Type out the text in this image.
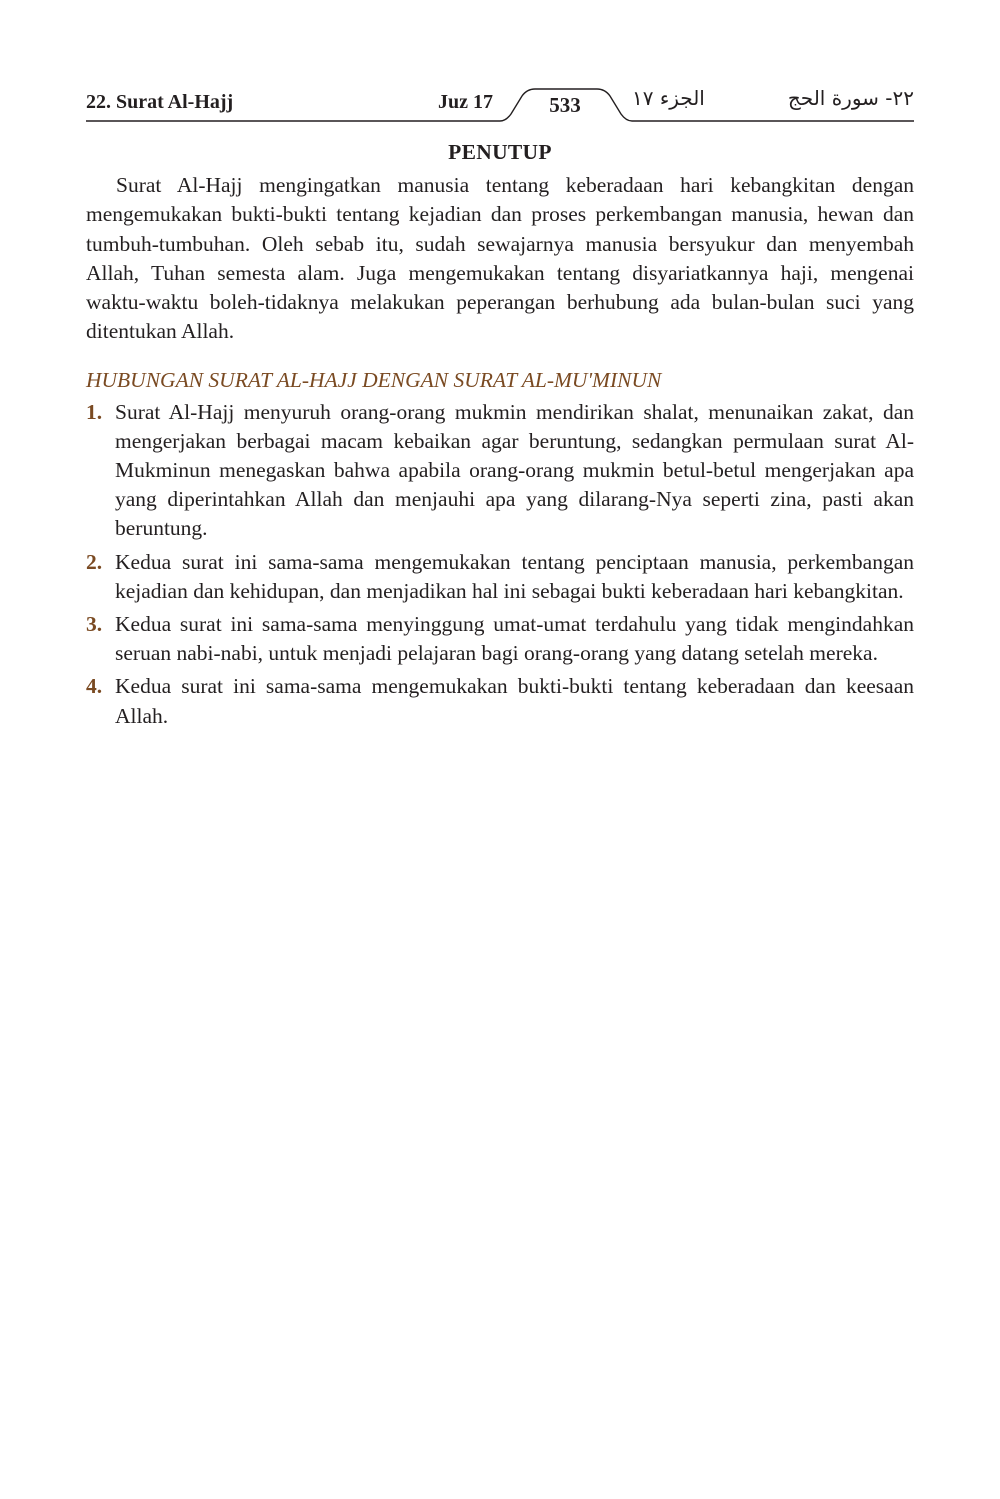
22. Surat Al-Hajj	Juz 17	533	الجزء ١٧	٢٢- سورة الحج
PENUTUP

Surat Al-Hajj mengingatkan manusia tentang keberadaan hari kebangkitan dengan mengemukakan bukti-bukti tentang kejadian dan proses perkembangan manusia, hewan dan tumbuh-tumbuhan. Oleh sebab itu, sudah sewajarnya manusia bersyukur dan menyembah Allah, Tuhan semesta alam. Juga mengemukakan tentang disyariatkannya haji, mengenai waktu-waktu boleh-tidaknya melakukan peperangan berhubung ada bulan-bulan suci yang ditentukan Allah.

HUBUNGAN SURAT AL-HAJJ DENGAN SURAT AL-MU'MINUN
1. Surat Al-Hajj menyuruh orang-orang mukmin mendirikan shalat, menunaikan zakat, dan mengerjakan berbagai macam kebaikan agar beruntung, sedangkan permulaan surat Al-Mukminun menegaskan bahwa apabila orang-orang mukmin betul-betul mengerjakan apa yang diperintahkan Allah dan menjauhi apa yang dilarang-Nya seperti zina, pasti akan beruntung.
2. Kedua surat ini sama-sama mengemukakan tentang penciptaan manusia, perkembangan kejadian dan kehidupan, dan menjadikan hal ini sebagai bukti keberadaan hari kebangkitan.
3. Kedua surat ini sama-sama menyinggung umat-umat terdahulu yang tidak mengindahkan seruan nabi-nabi, untuk menjadi pelajaran bagi orang-orang yang datang setelah mereka.
4. Kedua surat ini sama-sama mengemukakan bukti-bukti tentang keberadaan dan keesaan Allah.
